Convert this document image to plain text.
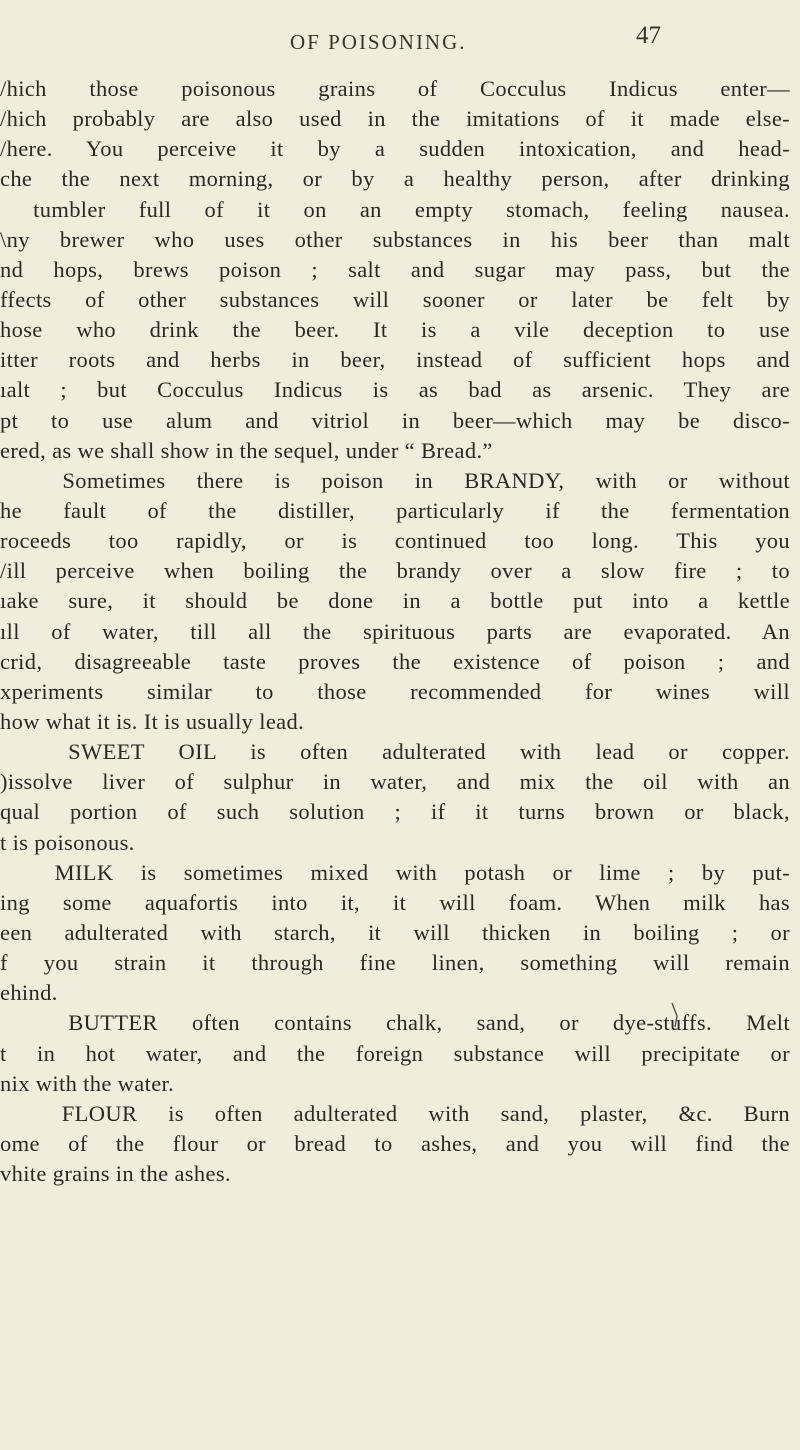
OF POISONING.	47
/hich those poisonous grains of Cocculus Indicus enter—
/hich probably are also used in the imitations of it made else-
/here. You perceive it by a sudden intoxication, and head-
che the next morning, or by a healthy person, after drinking
tumbler full of it on an empty stomach, feeling nausea.
\ny brewer who uses other substances in his beer than malt
nd hops, brews poison ; salt and sugar may pass, but the
ffects of other substances will sooner or later be felt by
hose who drink the beer. It is a vile deception to use
itter roots and herbs in beer, instead of sufficient hops and
ıalt ; but Cocculus Indicus is as bad as arsenic. They are
pt to use alum and vitriol in beer—which may be disco-
ered, as we shall show in the sequel, under “ Bread.”
Sometimes there is poison in BRANDY, with or without
he fault of the distiller, particularly if the fermentation
roceeds too rapidly, or is continued too long. This you
/ill perceive when boiling the brandy over a slow fire ; to
ıake sure, it should be done in a bottle put into a kettle
ıll of water, till all the spirituous parts are evaporated. An
crid, disagreeable taste proves the existence of poison ; and
xperiments similar to those recommended for wines will
how what it is. It is usually lead.
SWEET OIL is often adulterated with lead or copper.
)issolve liver of sulphur in water, and mix the oil with an
qual portion of such solution ; if it turns brown or black,
t is poisonous.
MILK is sometimes mixed with potash or lime ; by put-
ing some aquafortis into it, it will foam. When milk has
een adulterated with starch, it will thicken in boiling ; or
f you strain it through fine linen, something will remain
ehind.
BUTTER often contains chalk, sand, or dye-stuffs. Melt
t in hot water, and the foreign substance will precipitate or
nix with the water.
FLOUR is often adulterated with sand, plaster, &c. Burn
ome of the flour or bread to ashes, and you will find the
vhite grains in the ashes.
